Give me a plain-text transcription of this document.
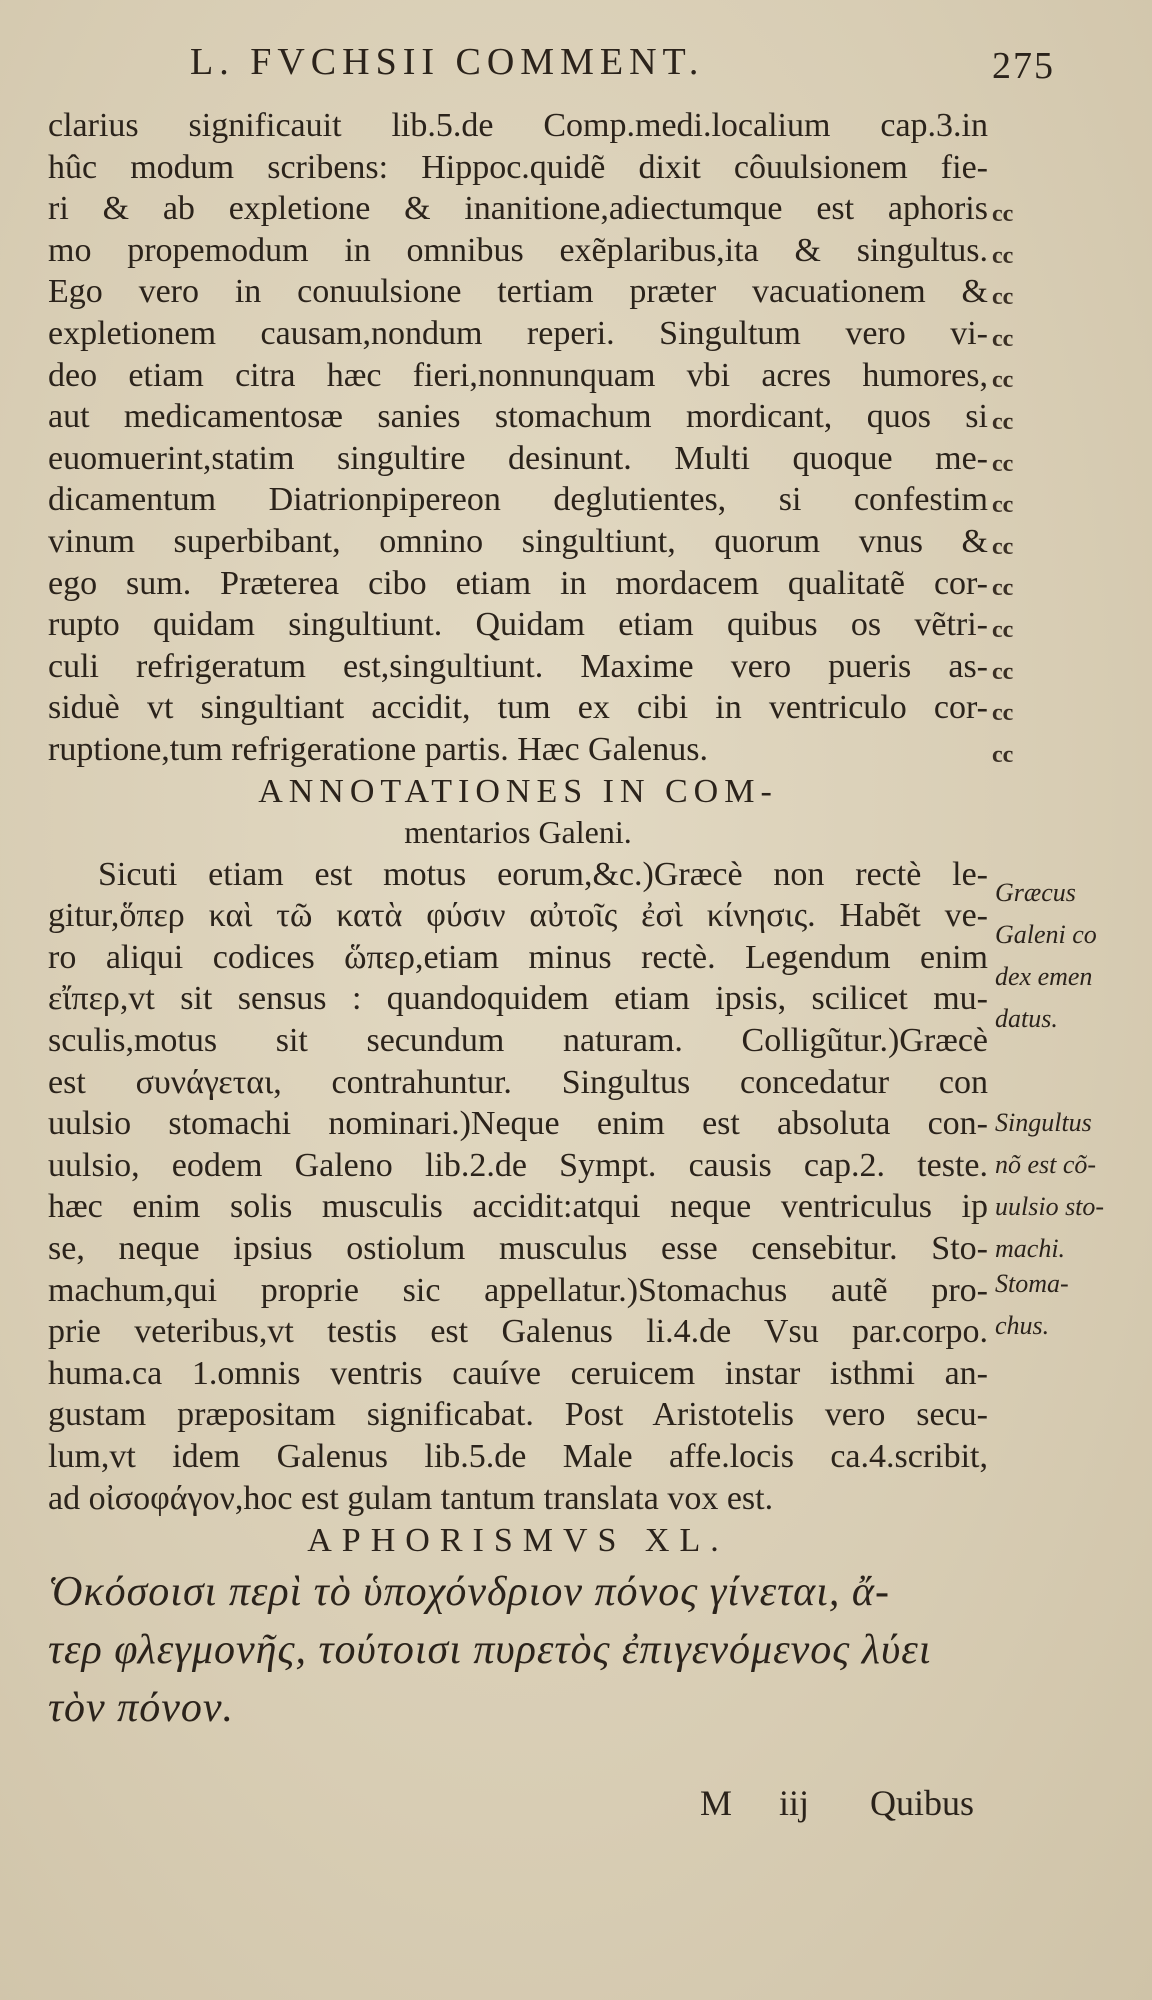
L. FVCHSII COMMENT.	275
clarius significauit lib.5.de Comp.medi.localium cap.3.in
hûc modum scribens: Hippoc.quidẽ dixit côuulsionem fie-
ri & ab expletione & inanitione,adiectumque est aphoris
mo propemodum in omnibus exẽplaribus,ita & singultus.
Ego vero in conuulsione tertiam præter vacuationem &
expletionem causam,nondum reperi. Singultum vero vi-
deo etiam citra hæc fieri,nonnunquam vbi acres humores,
aut medicamentosæ sanies stomachum mordicant, quos si
euomuerint,statim singultire desinunt. Multi quoque me-
dicamentum Diatrionpipereon deglutientes, si confestim
vinum superbibant, omnino singultiunt, quorum vnus &
ego sum. Præterea cibo etiam in mordacem qualitatẽ cor-
rupto quidam singultiunt. Quidam etiam quibus os vẽtri-
culi refrigeratum est,singultiunt. Maxime vero pueris as-
siduè vt singultiant accidit, tum ex cibi in ventriculo cor-
ruptione,tum refrigeratione partis. Hæc Galenus.
ANNOTATIONES IN COM-
mentarios Galeni.
Sicuti etiam est motus eorum,&c.)Græcè non rectè le-
gitur,ὅπερ καὶ τῶ κατὰ φύσιν αὐτοῖς ἐσὶ κίνησις. Habẽt ve-
ro aliqui codices ὥπερ,etiam minus rectè. Legendum enim
εἴπερ,vt sit sensus : quandoquidem etiam ipsis, scilicet mu-
sculis,motus sit secundum naturam. Colligũtur.)Græcè
est συνάγεται, contrahuntur. Singultus concedatur con
uulsio stomachi nominari.)Neque enim est absoluta con-
uulsio, eodem Galeno lib.2.de Sympt. causis cap.2. teste.
hæc enim solis musculis accidit:atqui neque ventriculus ip
se, neque ipsius ostiolum musculus esse censebitur. Sto-
machum,qui proprie sic appellatur.)Stomachus autẽ pro-
prie veteribus,vt testis est Galenus li.4.de Vsu par.corpo.
huma.ca 1.omnis ventris cauíve ceruicem instar isthmi an-
gustam præpositam significabat. Post Aristotelis vero secu-
lum,vt idem Galenus lib.5.de Male affe.locis ca.4.scribit,
ad οἰσοφάγον,hoc est gulam tantum translata vox est.
APHORISMVS XL.
Ὁκόσοισι περὶ τὸ ὑποχόνδριον πόνος γίνεται, ἄ-
τερ φλεγμονῆς, τούτοισι πυρετὸς ἐπιγενόμενος λύει
τὸν πόνον.
cc
cc
cc
cc
cc
cc
cc
cc
cc
cc
cc
cc
cc
cc
Græcus
Galeni co
dex emen
datus.
Singultus
nõ est cõ-
uulsio sto-
machi.
Stoma-
chus.
M iij	Quibus
